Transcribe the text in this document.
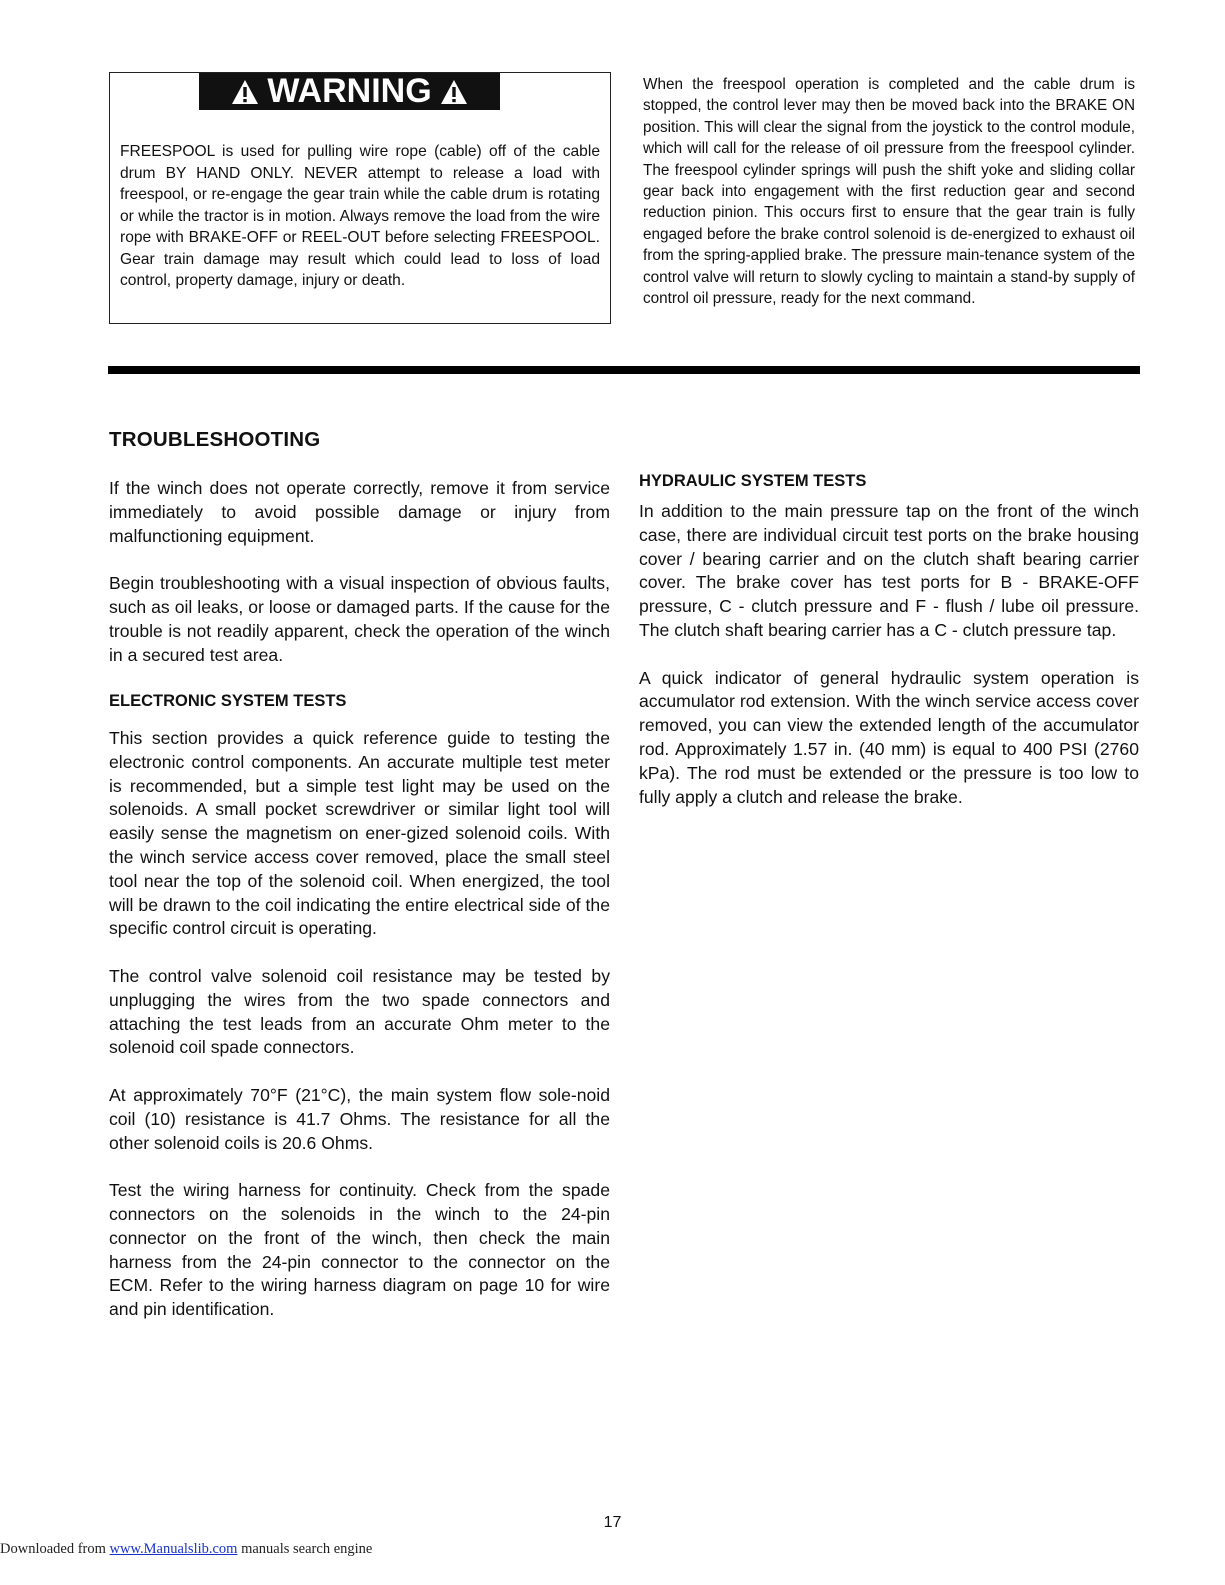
WARNING
FREESPOOL is used for pulling wire rope (cable) off of the cable drum BY HAND ONLY. NEVER attempt to release a load with freespool, or re-engage the gear train while the cable drum is rotating or while the tractor is in motion. Always remove the load from the wire rope with BRAKE-OFF or REEL-OUT before selecting FREESPOOL. Gear train damage may result which could lead to loss of load control, property damage, injury or death.
When the freespool operation is completed and the cable drum is stopped, the control lever may then be moved back into the BRAKE ON position. This will clear the signal from the joystick to the control module, which will call for the release of oil pressure from the freespool cylinder. The freespool cylinder springs will push the shift yoke and sliding collar gear back into engagement with the first reduction gear and second reduction pinion. This occurs first to ensure that the gear train is fully engaged before the brake control solenoid is de-energized to exhaust oil from the spring-applied brake. The pressure main-tenance system of the control valve will return to slowly cycling to maintain a stand-by supply of control oil pressure, ready for the next command.
TROUBLESHOOTING

If the winch does not operate correctly, remove it from service immediately to avoid possible damage or injury from malfunctioning equipment.

Begin troubleshooting with a visual inspection of obvious faults, such as oil leaks, or loose or damaged parts. If the cause for the trouble is not readily apparent, check the operation of the winch in a secured test area.

ELECTRONIC SYSTEM TESTS

This section provides a quick reference guide to testing the electronic control components. An accurate multiple test meter is recommended, but a simple test light may be used on the solenoids. A small pocket screwdriver or similar light tool will easily sense the magnetism on ener-gized solenoid coils. With the winch service access cover removed, place the small steel tool near the top of the solenoid coil. When energized, the tool will be drawn to the coil indicating the entire electrical side of the specific control circuit is operating.

The control valve solenoid coil resistance may be tested by unplugging the wires from the two spade connectors and attaching the test leads from an accurate Ohm meter to the solenoid coil spade connectors.

At approximately 70°F (21°C), the main system flow sole-noid coil (10) resistance is 41.7 Ohms. The resistance for all the other solenoid coils is 20.6 Ohms.

Test the wiring harness for continuity. Check from the spade connectors on the solenoids in the winch to the 24-pin connector on the front of the winch, then check the main harness from the 24-pin connector to the connector on the ECM. Refer to the wiring harness diagram on page 10 for wire and pin identification.

HYDRAULIC SYSTEM TESTS

In addition to the main pressure tap on the front of the winch case, there are individual circuit test ports on the brake housing cover / bearing carrier and on the clutch shaft bearing carrier cover. The brake cover has test ports for B - BRAKE-OFF pressure, C - clutch pressure and F - flush / lube oil pressure. The clutch shaft bearing carrier has a C - clutch pressure tap.

A quick indicator of general hydraulic system operation is accumulator rod extension. With the winch service access cover removed, you can view the extended length of the accumulator rod. Approximately 1.57 in. (40 mm) is equal to 400 PSI (2760 kPa). The rod must be extended or the pressure is too low to fully apply a clutch and release the brake.

17
Downloaded from www.Manualslib.com manuals search engine
